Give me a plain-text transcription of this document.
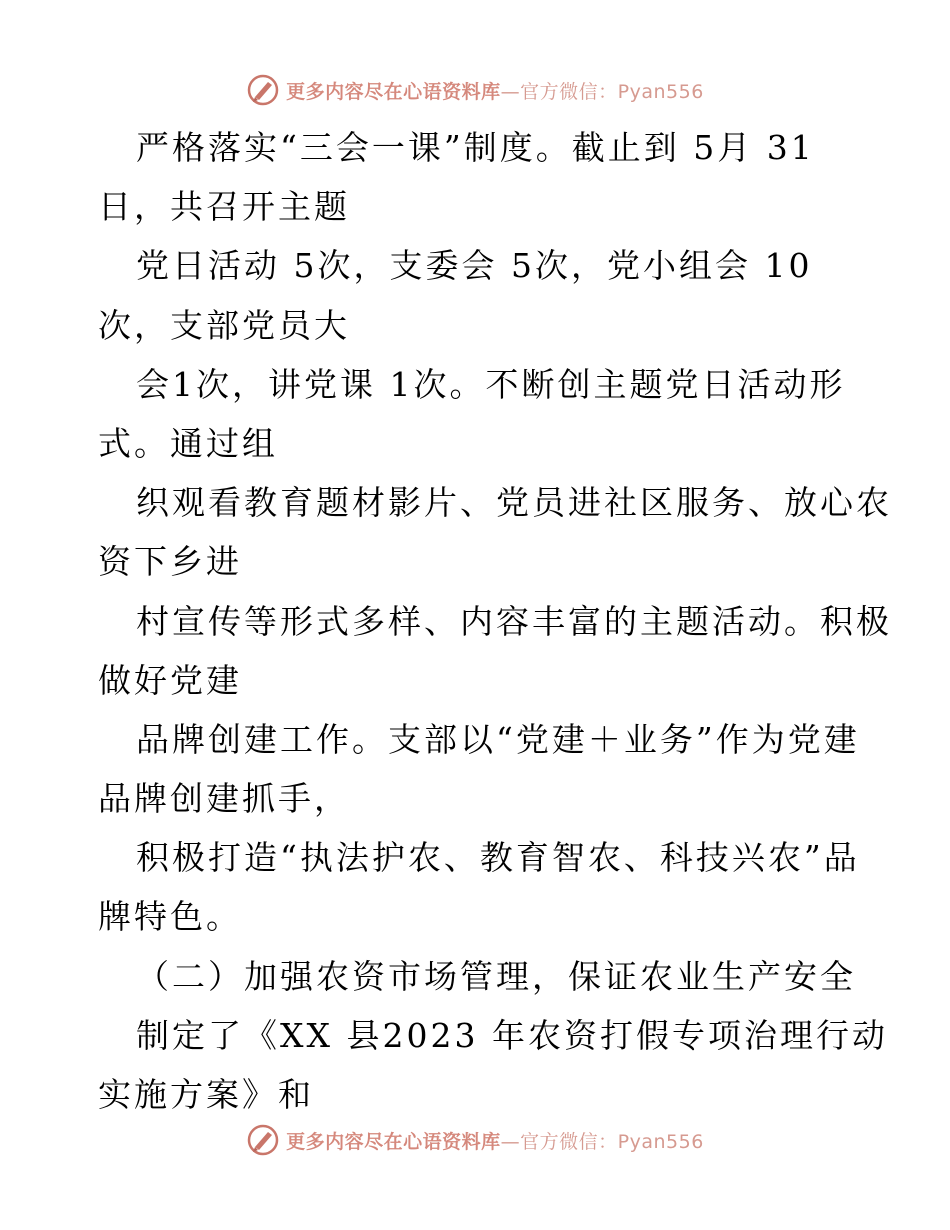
更多内容尽在心语资料库—官方微信：Pyan556
严格落实“三会一课”制度。截止到 5月 31
日，共召开主题
党日活动 5次，支委会 5次，党小组会 10
次，支部党员大
会1次，讲党课 1次。不断创主题党日活动形
式。通过组
织观看教育题材影片、党员进社区服务、放心农
资下乡进
村宣传等形式多样、内容丰富的主题活动。积极
做好党建
品牌创建工作。支部以“党建＋业务”作为党建
品牌创建抓手，
积极打造“执法护农、教育智农、科技兴农”品
牌特色。
（二）加强农资市场管理，保证农业生产安全
制定了《XX 县2023 年农资打假专项治理行动
实施方案》和
更多内容尽在心语资料库—官方微信：Pyan556
